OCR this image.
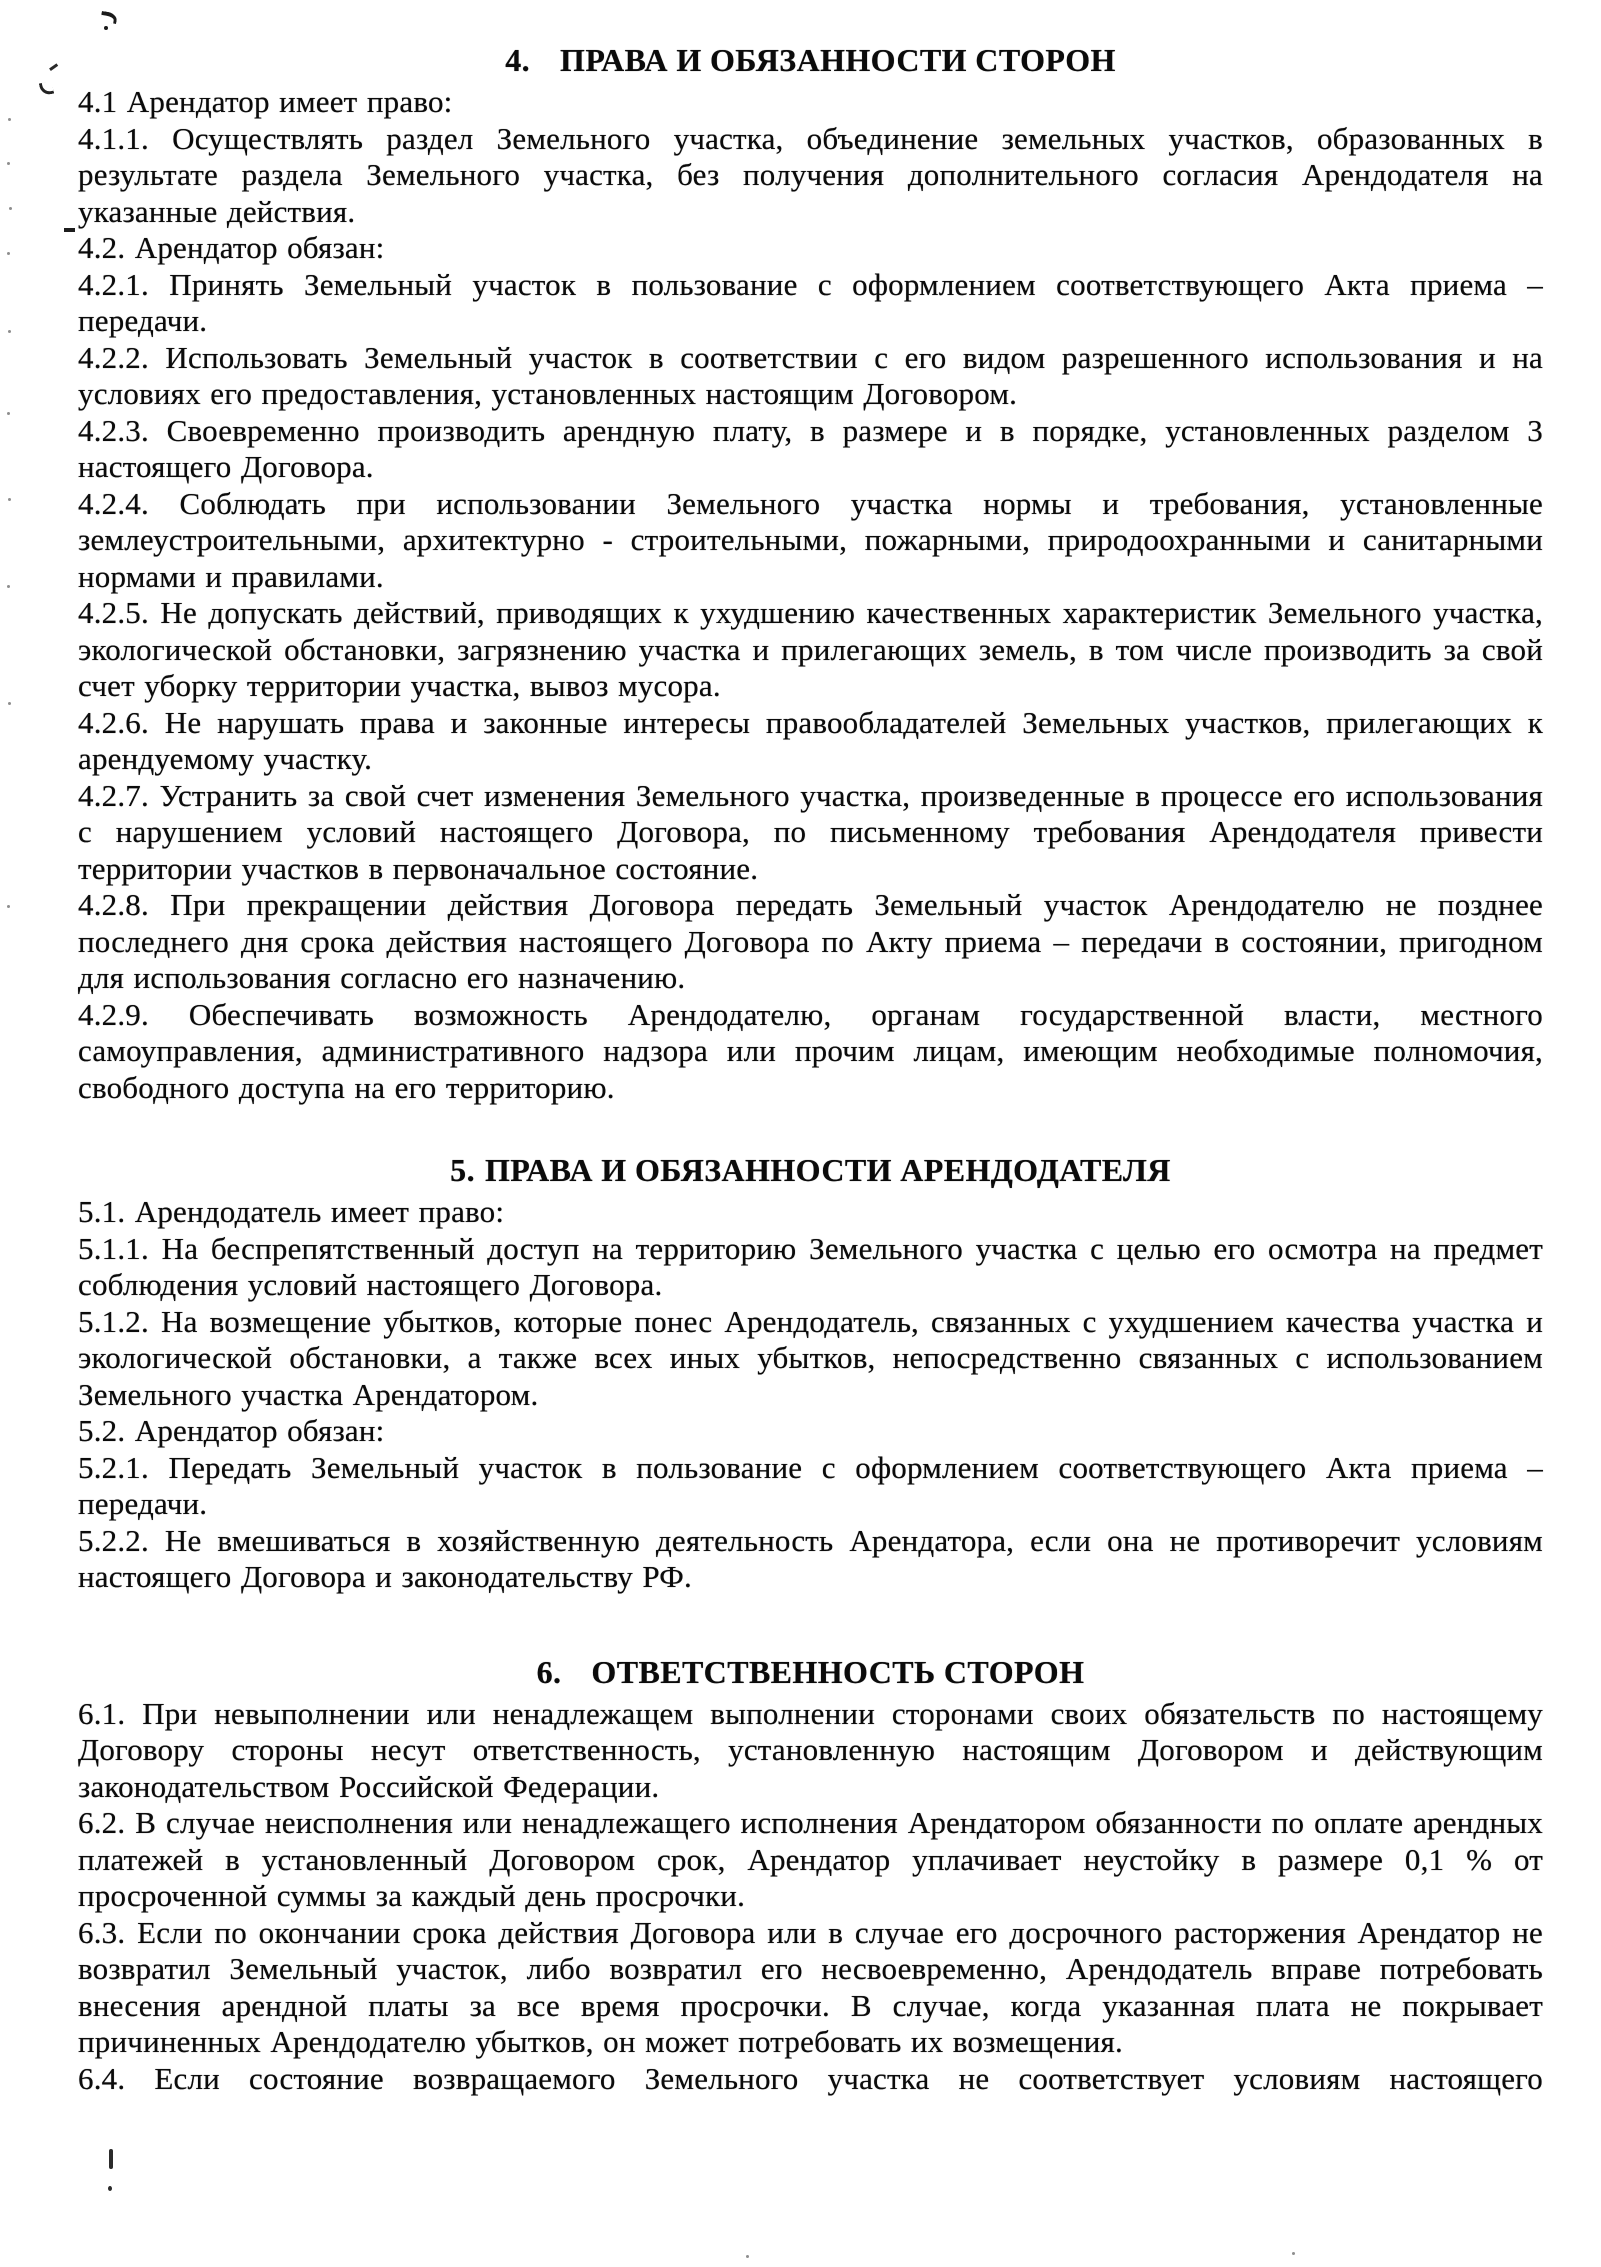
4. ПРАВА И ОБЯЗАННОСТИ СТОРОН

4.1 Арендатор имеет право:

4.1.1. Осуществлять раздел Земельного участка, объединение земельных участков, образованных в результате раздела Земельного участка, без получения дополнительного согласия Арендодателя на указанные действия.

4.2. Арендатор обязан:

4.2.1. Принять Земельный участок в пользование с оформлением соответствующего Акта приема – передачи.

4.2.2. Использовать Земельный участок в соответствии с его видом разрешенного использования и на условиях его предоставления, установленных настоящим Договором.

4.2.3. Своевременно производить арендную плату, в размере и в порядке, установленных разделом 3 настоящего Договора.

4.2.4. Соблюдать при использовании Земельного участка нормы и требования, установленные землеустроительными, архитектурно - строительными, пожарными, природоохранными и санитарными нормами и правилами.

4.2.5. Не допускать действий, приводящих к ухудшению качественных характеристик Земельного участка, экологической обстановки, загрязнению участка и прилегающих земель, в том числе производить за свой счет уборку территории участка, вывоз мусора.

4.2.6. Не нарушать права и законные интересы правообладателей Земельных участков, прилегающих к арендуемому участку.

4.2.7. Устранить за свой счет изменения Земельного участка, произведенные в процессе его использования с нарушением условий настоящего Договора, по письменному требования Арендодателя привести территории участков в первоначальное состояние.

4.2.8. При прекращении действия Договора передать Земельный участок Арендодателю не позднее последнего дня срока действия настоящего Договора по Акту приема – передачи в состоянии, пригодном для использования согласно его назначению.

4.2.9. Обеспечивать возможность Арендодателю, органам государственной власти, местного самоуправления, административного надзора или прочим лицам, имеющим необходимые полномочия, свободного доступа на его территорию.

5. ПРАВА И ОБЯЗАННОСТИ АРЕНДОДАТЕЛЯ

5.1. Арендодатель имеет право:

5.1.1. На беспрепятственный доступ на территорию Земельного участка с целью его осмотра на предмет соблюдения условий настоящего Договора.

5.1.2. На возмещение убытков, которые понес Арендодатель, связанных с ухудшением качества участка и экологической обстановки, а также всех иных убытков, непосредственно связанных с использованием Земельного участка Арендатором.

5.2. Арендатор обязан:

5.2.1. Передать Земельный участок в пользование с оформлением соответствующего Акта приема – передачи.

5.2.2. Не вмешиваться в хозяйственную деятельность Арендатора, если она не противоречит условиям настоящего Договора и законодательству РФ.

6. ОТВЕТСТВЕННОСТЬ СТОРОН

6.1. При невыполнении или ненадлежащем выполнении сторонами своих обязательств по настоящему Договору стороны несут ответственность, установленную настоящим Договором и действующим законодательством Российской Федерации.

6.2. В случае неисполнения или ненадлежащего исполнения Арендатором обязанности по оплате арендных платежей в установленный Договором срок, Арендатор уплачивает неустойку в размере 0,1 % от просроченной суммы за каждый день просрочки.

6.3. Если по окончании срока действия Договора или в случае его досрочного расторжения Арендатор не возвратил Земельный участок, либо возвратил его несвоевременно, Арендодатель вправе потребовать внесения арендной платы за все время просрочки. В случае, когда указанная плата не покрывает причиненных Арендодателю убытков, он может потребовать их возмещения.

6.4. Если состояние возвращаемого Земельного участка не соответствует условиям настоящего
